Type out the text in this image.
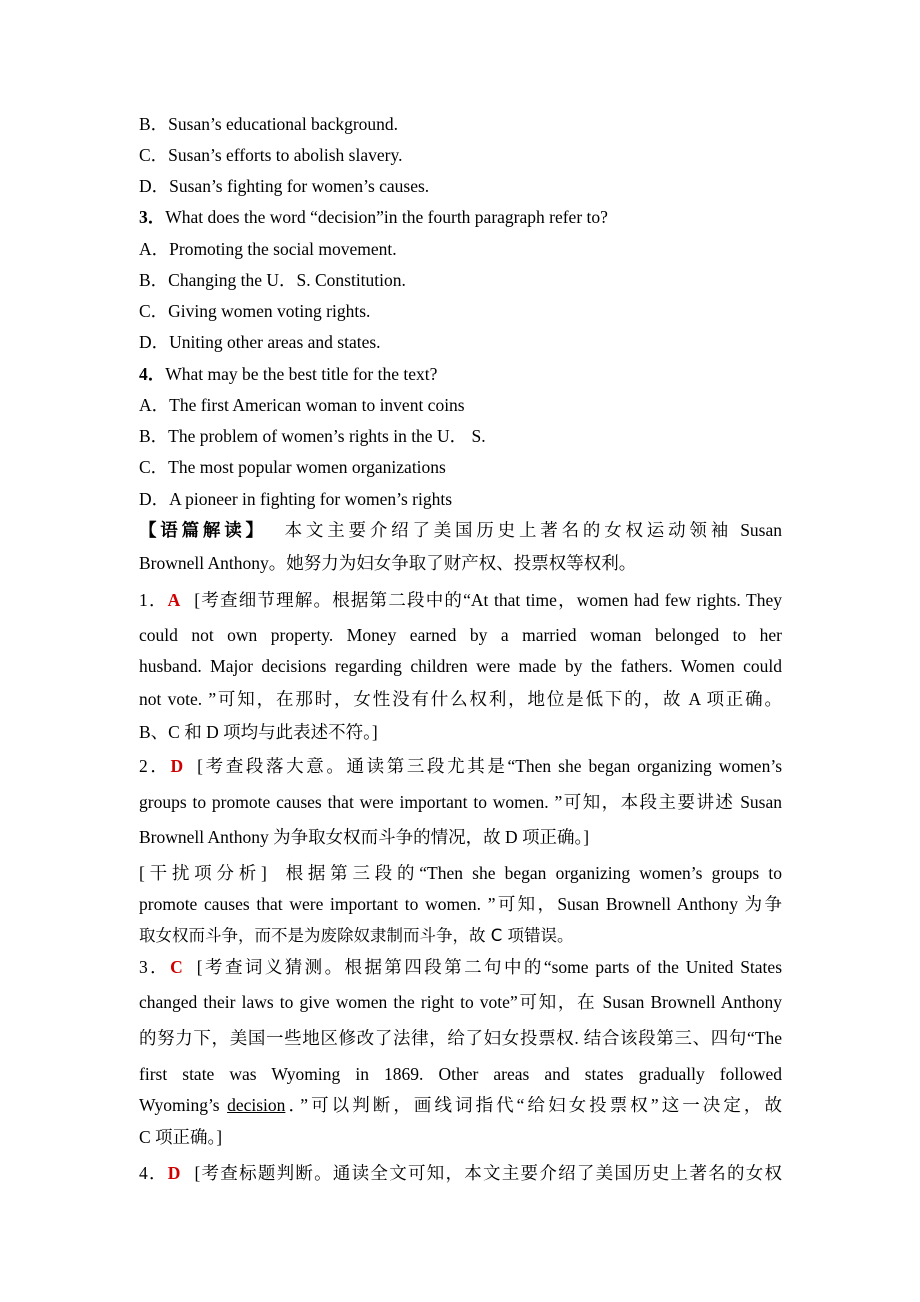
B．Susan’s educational background.
C．Susan’s efforts to abolish slavery.
D．Susan’s fighting for women’s causes.
3．What does the word “decision”in the fourth paragraph refer to?
A．Promoting the social movement.
B．Changing the U．S. Constitution.
C．Giving women voting rights.
D．Uniting other areas and states.
4．What may be the best title for the text?
A．The first American woman to invent coins
B．The problem of women’s rights in the U． S.
C．The most popular women organizations
D．A pioneer in fighting for women’s rights
【语篇解读】 本文主要介绍了美国历史上著名的女权运动领袖 Susan
Brownell Anthony。她努力为妇女争取了财产权、投票权等权利。
1．A [考查细节理解。根据第二段中的“At that time，women had few rights. They
could not own property. Money earned by a married woman belonged to her
husband. Major decisions regarding children were made by the fathers. Women could
not vote. ”可知，在那时，女性没有什么权利，地位是低下的，故 A 项正确。
B、C 和 D 项均与此表述不符。]
2．D [考查段落大意。通读第三段尤其是“Then she began organizing women’s
groups to promote causes that were important to women. ”可知，本段主要讲述 Susan
Brownell Anthony 为争取女权而斗争的情况，故 D 项正确。]
[干扰项分析] 根据第三段的“Then she began organizing women’s groups to
promote causes that were important to women. ”可知，Susan Brownell Anthony 为争
取女权而斗争，而不是为废除奴隶制而斗争，故 C 项错误。
3．C [考查词义猜测。根据第四段第二句中的“some parts of the United States
changed their laws to give women the right to vote”可知，在 Susan Brownell Anthony
的努力下，美国一些地区修改了法律，给了妇女投票权. 结合该段第三、四句“The
first state was Wyoming in 1869. Other areas and states gradually followed
Wyoming’s decision．”可以判断，画线词指代“给妇女投票权”这一决定，故
C 项正确。]
4．D [考查标题判断。通读全文可知，本文主要介绍了美国历史上著名的女权
